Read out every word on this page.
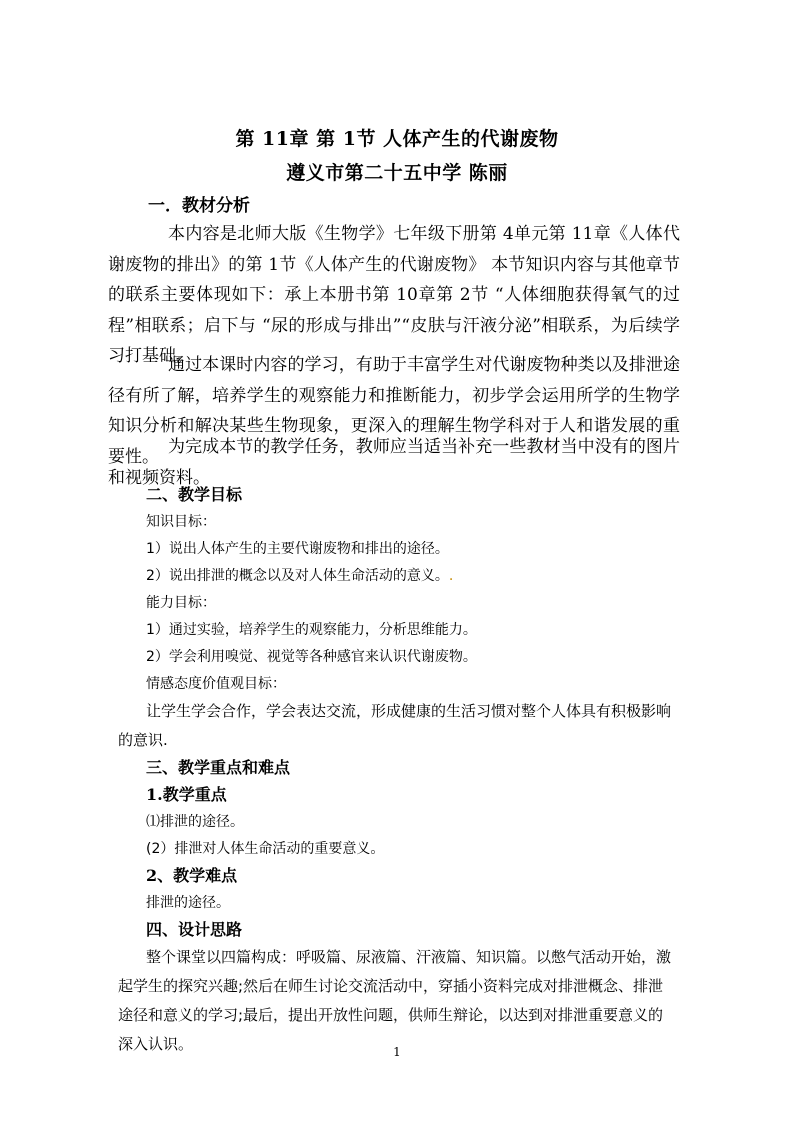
第 11章 第 1节 人体产生的代谢废物
遵义市第二十五中学 陈丽
一．教材分析

本内容是北师大版《生物学》七年级下册第 4单元第 11章《人体代谢废物的排出》的第 1节《人体产生的代谢废物》 本节知识内容与其他章节的联系主要体现如下：承上本册书第 10章第 2节 “人体细胞获得氧气的过程”相联系；启下与 “尿的形成与排出”“皮肤与汗液分泌”相联系，为后续学习打基础。

通过本课时内容的学习，有助于丰富学生对代谢废物种类以及排泄途径有所了解，培养学生的观察能力和推断能力，初步学会运用所学的生物学知识分析和解决某些生物现象，更深入的理解生物学科对于人和谐发展的重要性。 为完成本节的教学任务，教师应当适当补充一些教材当中没有的图片和视频资料。

二、教学目标
知识目标：
1）说出人体产生的主要代谢废物和排出的途径。
2）说出排泄的概念以及对人体生命活动的意义。.
能力目标：
1）通过实验，培养学生的观察能力，分析思维能力。
2）学会利用嗅觉、视觉等各种感官来认识代谢废物。
情感态度价值观目标：

让学生学会合作，学会表达交流，形成健康的生活习惯对整个人体具有积极影响的意识.

三、教学重点和难点
1.教学重点
⑴排泄的途径。
(2）排泄对人体生命活动的重要意义。
2、教学难点
排泄的途径。
四、设计思路

整个课堂以四篇构成：呼吸篇、尿液篇、汗液篇、知识篇。以憋气活动开始，激起学生的探究兴趣;然后在师生讨论交流活动中，穿插小资料完成对排泄概念、排泄途径和意义的学习;最后，提出开放性问题，供师生辩论，以达到对排泄重要意义的深入认识。	1
